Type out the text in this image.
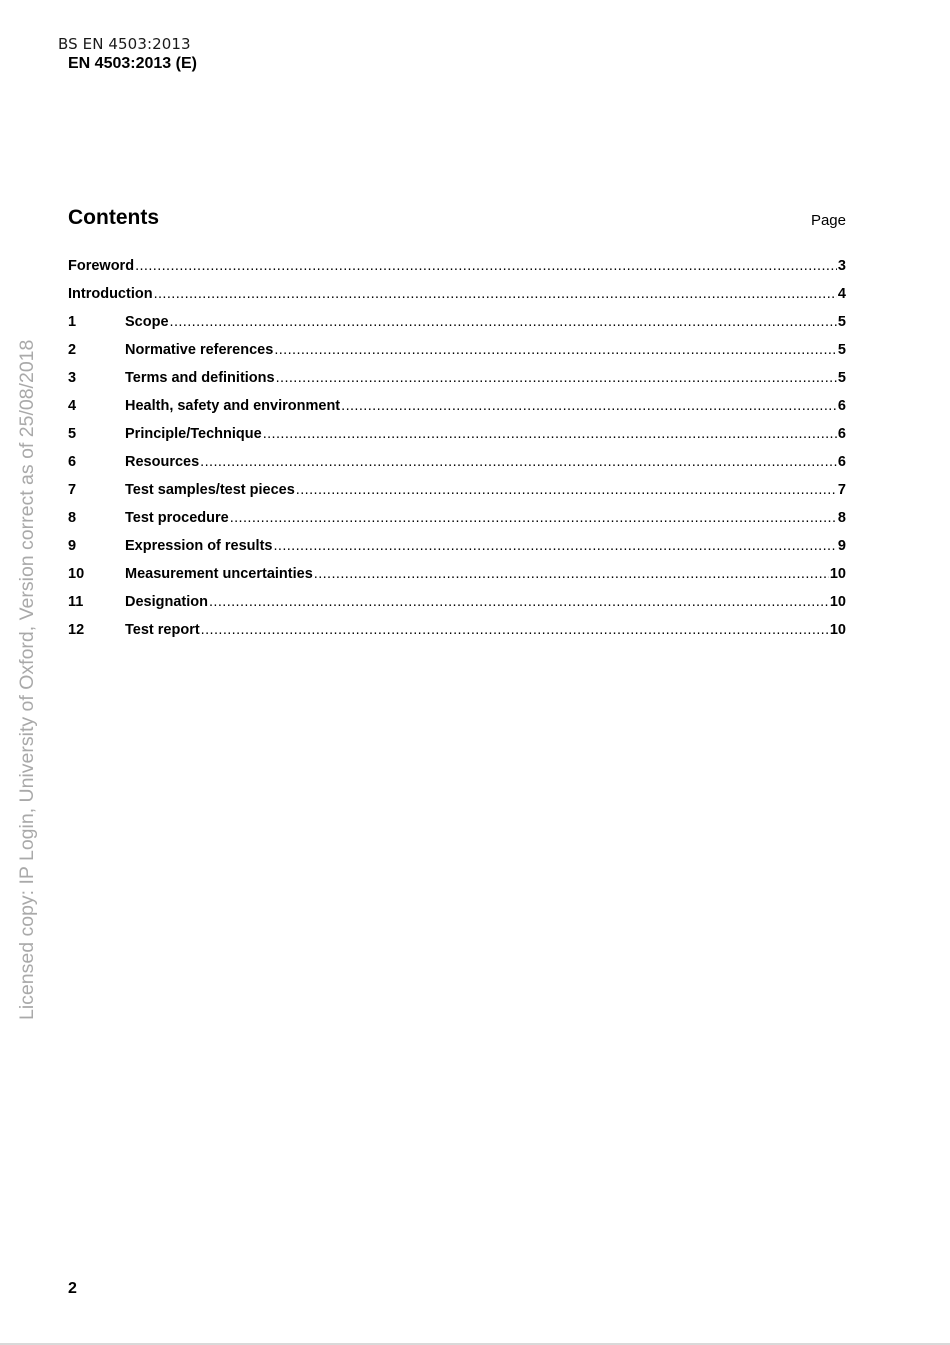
BS EN 4503:2013
EN 4503:2013 (E)
Licensed copy: IP Login, University of Oxford, Version correct as of 25/08/2018
Contents	Page
Foreword .....	3
Introduction .....	4
1	Scope .....	5
2	Normative references .....	5
3	Terms and definitions .....	5
4	Health, safety and environment .....	6
5	Principle/Technique .....	6
6	Resources .....	6
7	Test samples/test pieces .....	7
8	Test procedure .....	8
9	Expression of results .....	9
10	Measurement uncertainties .....	10
11	Designation .....	10
12	Test report .....	10
2
